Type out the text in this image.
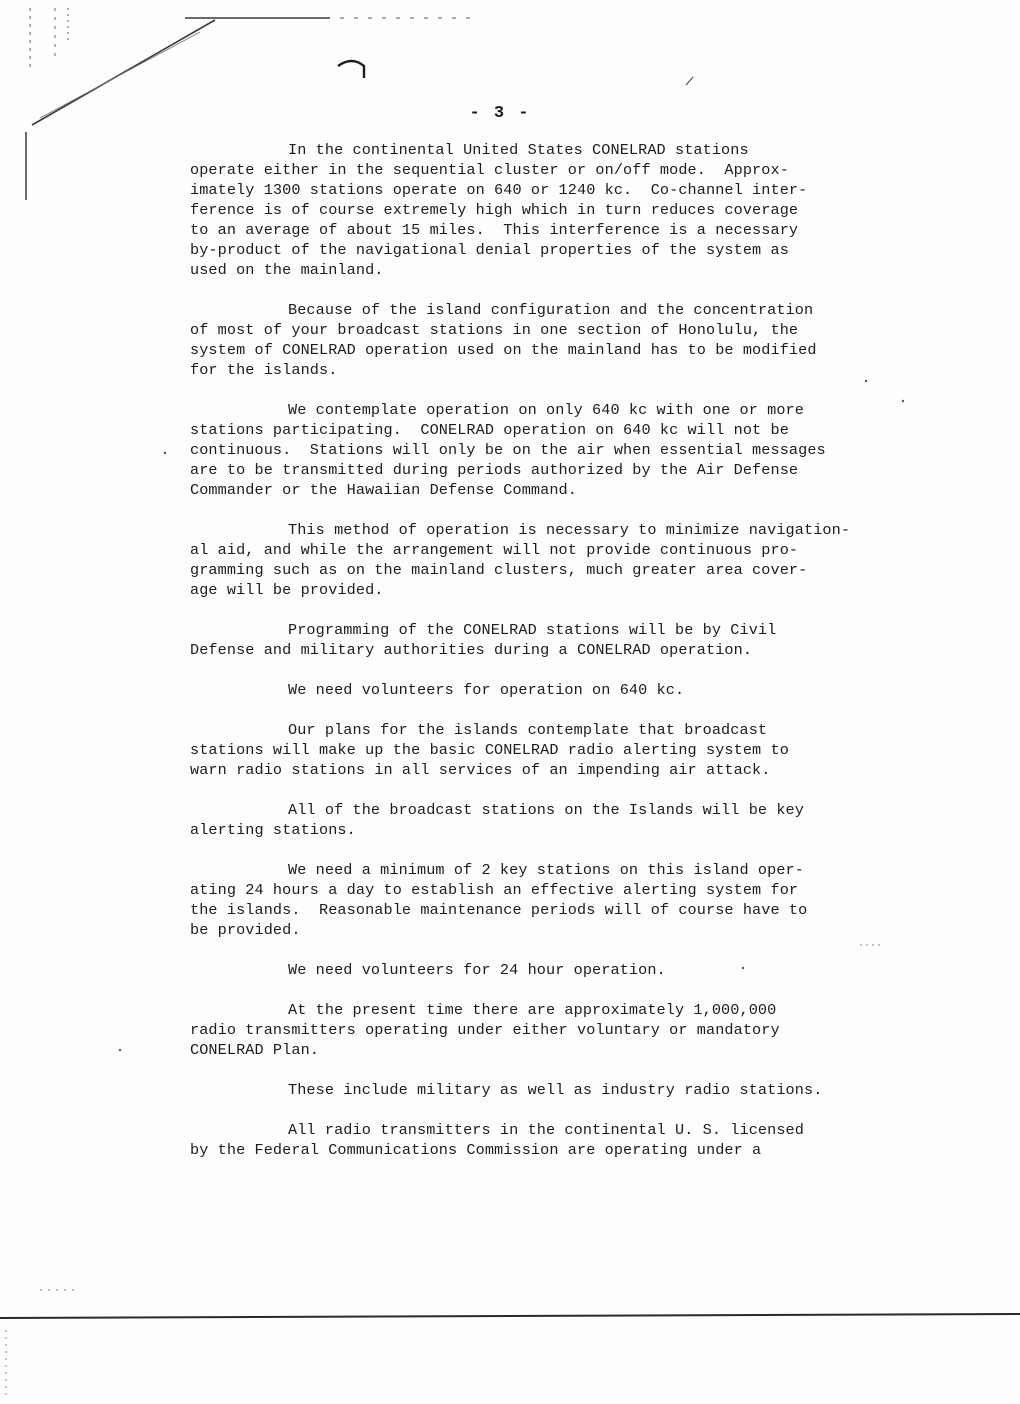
- 3 -
In the continental United States CONELRAD stations
operate either in the sequential cluster or on/off mode.  Approx-
imately 1300 stations operate on 640 or 1240 kc.  Co-channel inter-
ference is of course extremely high which in turn reduces coverage
to an average of about 15 miles.  This interference is a necessary
by-product of the navigational denial properties of the system as
used on the mainland.
Because of the island configuration and the concentration
of most of your broadcast stations in one section of Honolulu, the
system of CONELRAD operation used on the mainland has to be modified
for the islands.
We contemplate operation on only 640 kc with one or more
stations participating.  CONELRAD operation on 640 kc will not be
continuous.  Stations will only be on the air when essential messages
are to be transmitted during periods authorized by the Air Defense
Commander or the Hawaiian Defense Command.
This method of operation is necessary to minimize navigation-
al aid, and while the arrangement will not provide continuous pro-
gramming such as on the mainland clusters, much greater area cover-
age will be provided.
Programming of the CONELRAD stations will be by Civil
Defense and military authorities during a CONELRAD operation.
We need volunteers for operation on 640 kc.
Our plans for the islands contemplate that broadcast
stations will make up the basic CONELRAD radio alerting system to
warn radio stations in all services of an impending air attack.
All of the broadcast stations on the Islands will be key
alerting stations.
We need a minimum of 2 key stations on this island oper-
ating 24 hours a day to establish an effective alerting system for
the islands.  Reasonable maintenance periods will of course have to
be provided.
We need volunteers for 24 hour operation.
At the present time there are approximately 1,000,000
radio transmitters operating under either voluntary or mandatory
CONELRAD Plan.
These include military as well as industry radio stations.
All radio transmitters in the continental U. S. licensed
by the Federal Communications Commission are operating under a
